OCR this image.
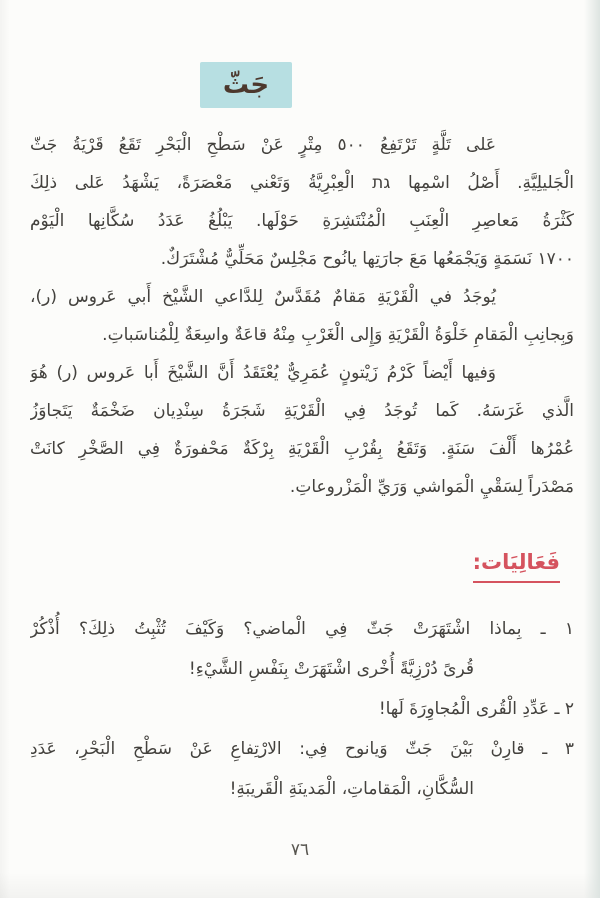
جَثّ
عَلى تَلَّةٍ تَرْتَفِعُ ٥٠٠ مِتْرٍ عَنْ سَطْحِ الْبَحْرِ تَقَعُ قَرْيَةُ جَثّ
الْجَليلِيَّةِ. أَصْلُ اسْمِها גת الْعِبْرِيَّةُ وَتَعْني مَعْصَرَةً، يَشْهَدُ عَلى ذلِكَ
كَثْرَةُ مَعاصِرِ الْعِنَبِ الْمُنْتَشِرَةِ حَوْلَها. يَبْلُغُ عَدَدُ سُكَّانِها الْيَوْم
١٧٠٠ نَسَمَةٍ وَيَجْمَعُها مَعَ جارَتِها يانُوح مَجْلِسٌ مَحَلِّيٌّ مُشْتَرَكٌ.
يُوجَدُ في الْقَرْيَةِ مَقامٌ مُقَدَّسٌ لِلدَّاعي الشَّيْخ أَبي عَروس (ر)،
وَبِجانِبِ الْمَقامِ خَلْوَةُ الْقَرْيَةِ وَإِلى الْغَرْبِ مِنْهُ قاعَةٌ واسِعَةٌ لِلْمُناسَباتِ.
وَفيها أَيْضاً كَرْمُ زَيْتونٍ عُمَرِيٌّ يُعْتَقَدُ أَنَّ الشَّيْخَ أَبا عَروس (ر) هُوَ
الَّذي غَرَسَهُ. كَما تُوجَدُ فِي الْقَرْيَةِ شَجَرَةُ سِنْدِيان ضَخْمَةٌ يَتَجاوَزُ
عُمْرُها أَلْفَ سَنَةٍ. وَتَقَعُ بِقُرْبِ الْقَرْيَةِ بِرْكَةٌ مَحْفورَةٌ فِي الصَّخْرِ كانَتْ
مَصْدَراً لِسَقْيِ الْمَواشي وَرَيِّ الْمَزْروعاتِ.
فَعَالِيَات:
١ ـ بِماذا اشْتَهَرَتْ جَثّ فِي الْماضي؟ وَكَيْفَ تُثْبِتُ ذلِكَ؟ أُذْكُرْ
قُرىً دُرْزِيَّةً أُخْرى اشْتَهَرَتْ بِنَفْسِ الشَّيْءِ!
٢ ـ عَدِّدِ الْقُرى الْمُجاوِرَةَ لَها!
٣ ـ قارِنْ بَيْنَ جَثّ وَيانوح فِي: الارْتِفاعِ عَنْ سَطْحِ الْبَحْرِ، عَدَدِ
السُّكَّانِ، الْمَقاماتِ، الْمَدينَةِ الْقَريبَةِ!
٧٦
